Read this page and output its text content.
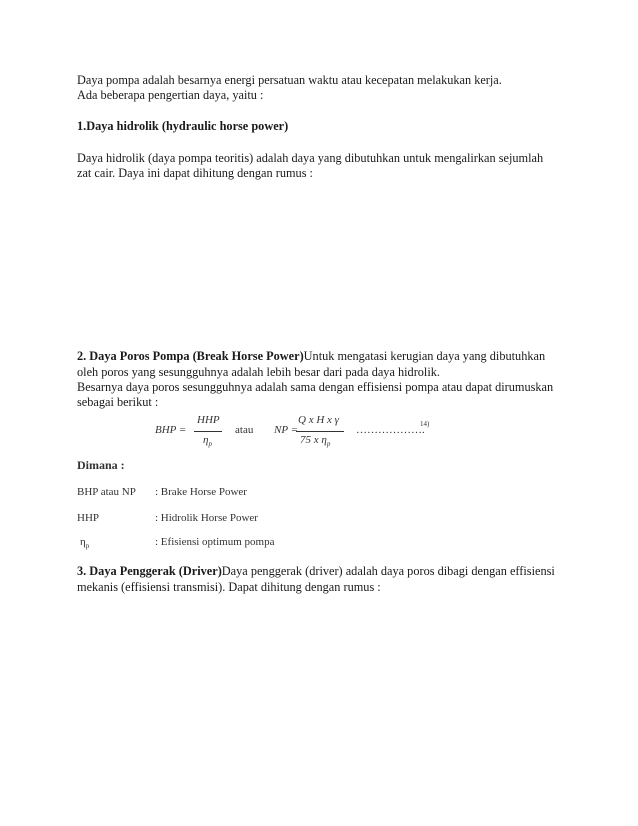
Daya pompa adalah besarnya energi persatuan waktu atau kecepatan melakukan kerja.
Ada beberapa pengertian daya, yaitu :
1.Daya hidrolik (hydraulic horse power)
Daya hidrolik (daya pompa teoritis) adalah daya yang dibutuhkan untuk mengalirkan sejumlah
zat cair. Daya ini dapat dihitung dengan rumus :
2. Daya Poros Pompa (Break Horse Power)Untuk mengatasi kerugian daya yang dibutuhkan
oleh poros yang sesungguhnya adalah lebih besar dari pada daya hidrolik.
Besarnya daya poros sesungguhnya adalah sama dengan effisiensi pompa atau dapat dirumuskan
sebagai berikut :
BHP =
HHP
$\eta_p$
atau NP =
Q x H x γ
75 x $\eta_p$
……………….
14)
Dimana :
BHP atau NP : Brake Horse Power
HHP	: Hidrolik Horse Power
$\eta_p$	: Efisiensi optimum pompa
3. Daya Penggerak (Driver)Daya penggerak (driver) adalah daya poros dibagi dengan effisiensi
mekanis (effisiensi transmisi). Dapat dihitung dengan rumus :
